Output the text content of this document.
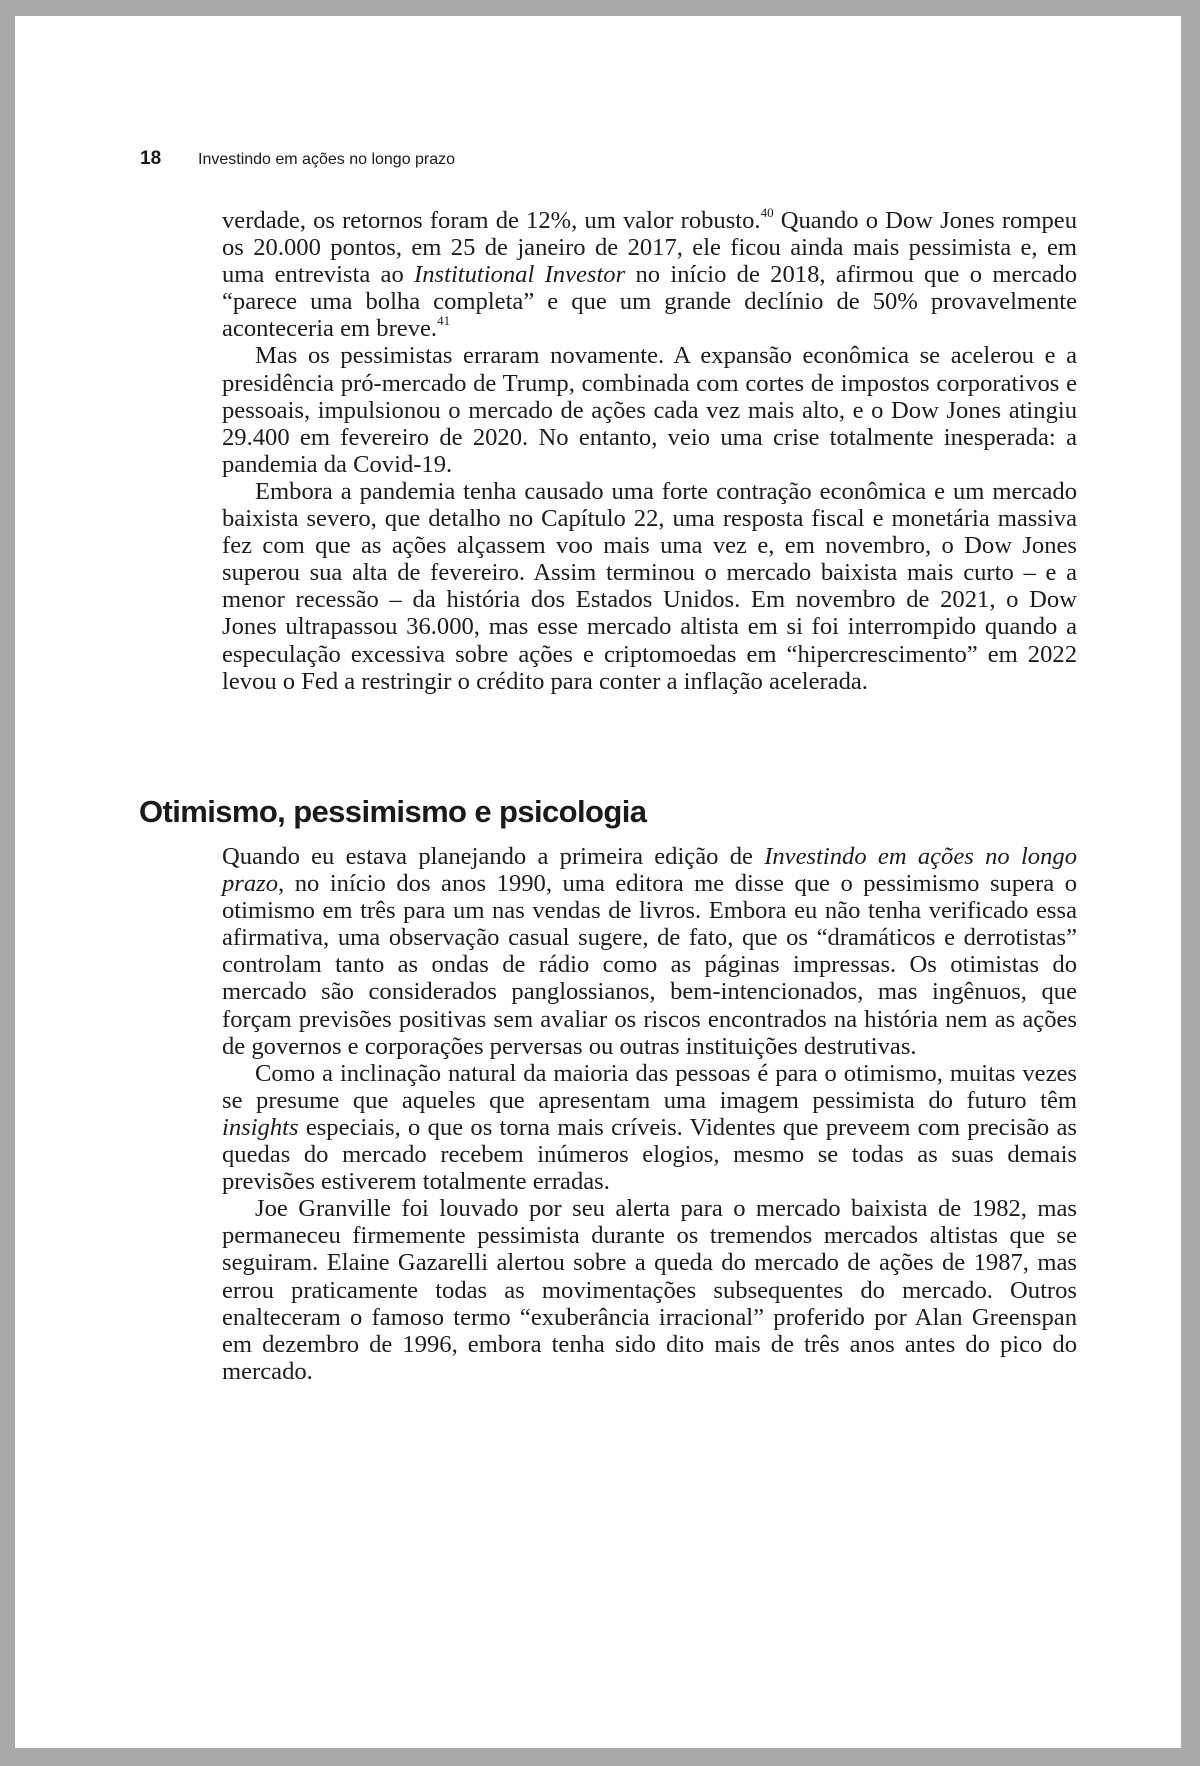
18	Investindo em ações no longo prazo

verdade, os retornos foram de 12%, um valor robusto.$^{40}$ Quando o Dow Jones rompeu os 20.000 pontos, em 25 de janeiro de 2017, ele ficou ainda mais pessimista e, em uma entrevista ao Institutional Investor no início de 2018, afirmou que o mercado “parece uma bolha completa” e que um grande declínio de 50% provavelmente aconteceria em breve.$^{41}$

Mas os pessimistas erraram novamente. A expansão econômica se acelerou e a presidência pró-mercado de Trump, combinada com cortes de impostos corporativos e pessoais, impulsionou o mercado de ações cada vez mais alto, e o Dow Jones atingiu 29.400 em fevereiro de 2020. No entanto, veio uma crise totalmente inesperada: a pandemia da Covid-19.

Embora a pandemia tenha causado uma forte contração econômica e um mercado baixista severo, que detalho no Capítulo 22, uma resposta fiscal e monetária massiva fez com que as ações alçassem voo mais uma vez e, em novembro, o Dow Jones superou sua alta de fevereiro. Assim terminou o mercado baixista mais curto – e a menor recessão – da história dos Estados Unidos. Em novembro de 2021, o Dow Jones ultrapassou 36.000, mas esse mercado altista em si foi interrompido quando a especulação excessiva sobre ações e criptomoedas em “hipercrescimento” em 2022 levou o Fed a restringir o crédito para conter a inflação acelerada.

Otimismo, pessimismo e psicologia

Quando eu estava planejando a primeira edição de Investindo em ações no longo prazo, no início dos anos 1990, uma editora me disse que o pessimismo supera o otimismo em três para um nas vendas de livros. Embora eu não tenha verificado essa afirmativa, uma observação casual sugere, de fato, que os “dramáticos e derrotistas” controlam tanto as ondas de rádio como as páginas impressas. Os otimistas do mercado são considerados panglossianos, bem-intencionados, mas ingênuos, que forçam previsões positivas sem avaliar os riscos encontrados na história nem as ações de governos e corporações perversas ou outras instituições destrutivas.

Como a inclinação natural da maioria das pessoas é para o otimismo, muitas vezes se presume que aqueles que apresentam uma imagem pessimista do futuro têm insights especiais, o que os torna mais críveis. Videntes que preveem com precisão as quedas do mercado recebem inúmeros elogios, mesmo se todas as suas demais previsões estiverem totalmente erradas.

Joe Granville foi louvado por seu alerta para o mercado baixista de 1982, mas permaneceu firmemente pessimista durante os tremendos mercados altistas que se seguiram. Elaine Gazarelli alertou sobre a queda do mercado de ações de 1987, mas errou praticamente todas as movimentações subsequentes do mercado. Outros enalteceram o famoso termo “exuberância irracional” proferido por Alan Greenspan em dezembro de 1996, embora tenha sido dito mais de três anos antes do pico do mercado.
